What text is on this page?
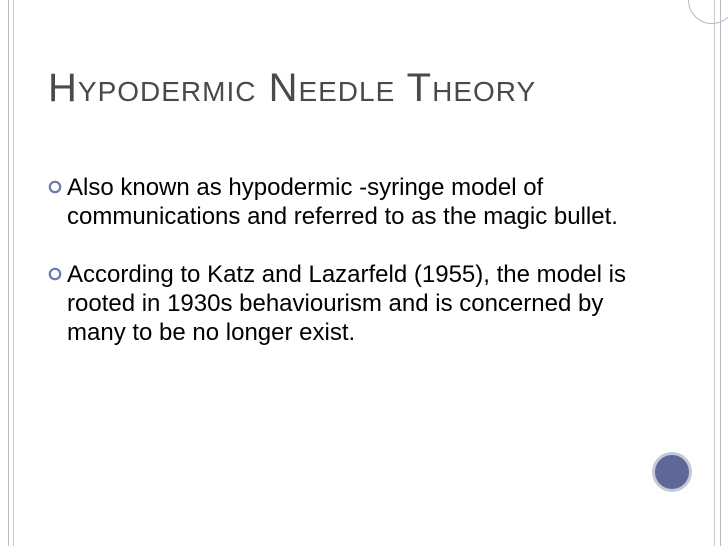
Hypodermic Needle Theory
Also known as hypodermic -syringe model of communications and referred to as the magic bullet.
According to Katz and Lazarfeld (1955), the model is rooted in 1930s behaviourism and is concerned by many to be no longer exist.
